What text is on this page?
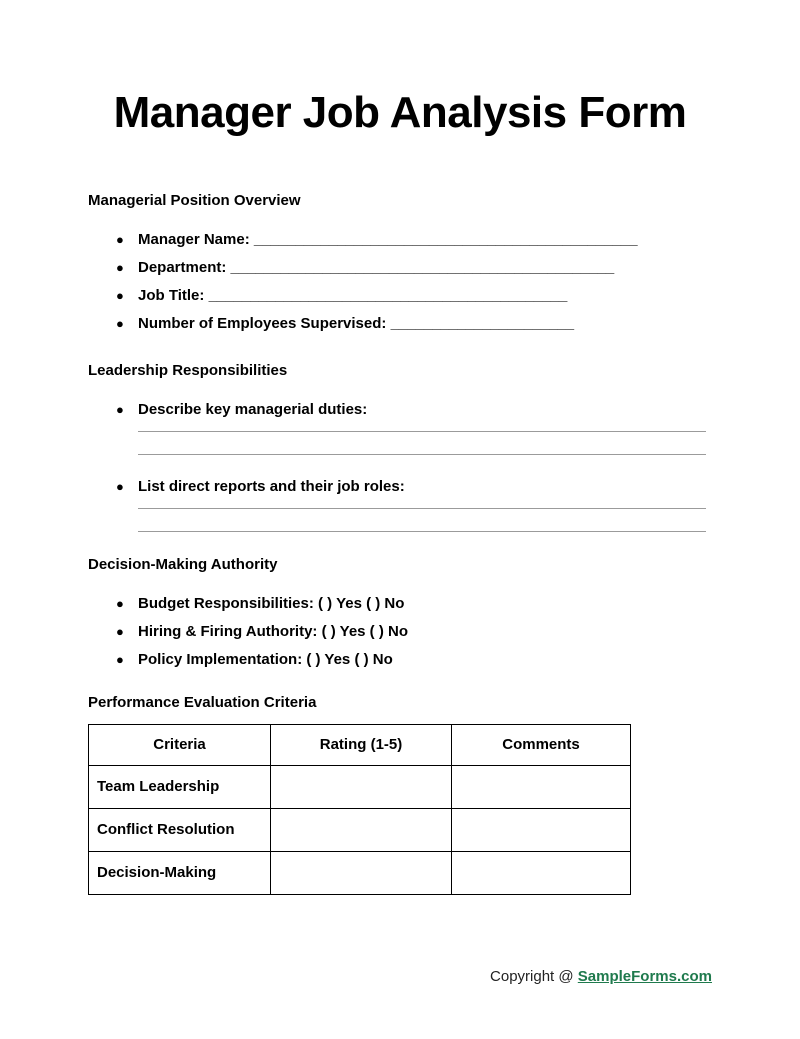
Manager Job Analysis Form
Managerial Position Overview
● Manager Name: ______________________________________________
● Department: ______________________________________________
● Job Title: ___________________________________________
● Number of Employees Supervised: ______________________
Leadership Responsibilities
● Describe key managerial duties:
● List direct reports and their job roles:
Decision-Making Authority
● Budget Responsibilities: ( ) Yes ( ) No
● Hiring & Firing Authority: ( ) Yes ( ) No
● Policy Implementation: ( ) Yes ( ) No
Performance Evaluation Criteria
Criteria	Rating (1-5)	Comments
Team Leadership		
Conflict Resolution		
Decision-Making		
Copyright @ SampleForms.com
